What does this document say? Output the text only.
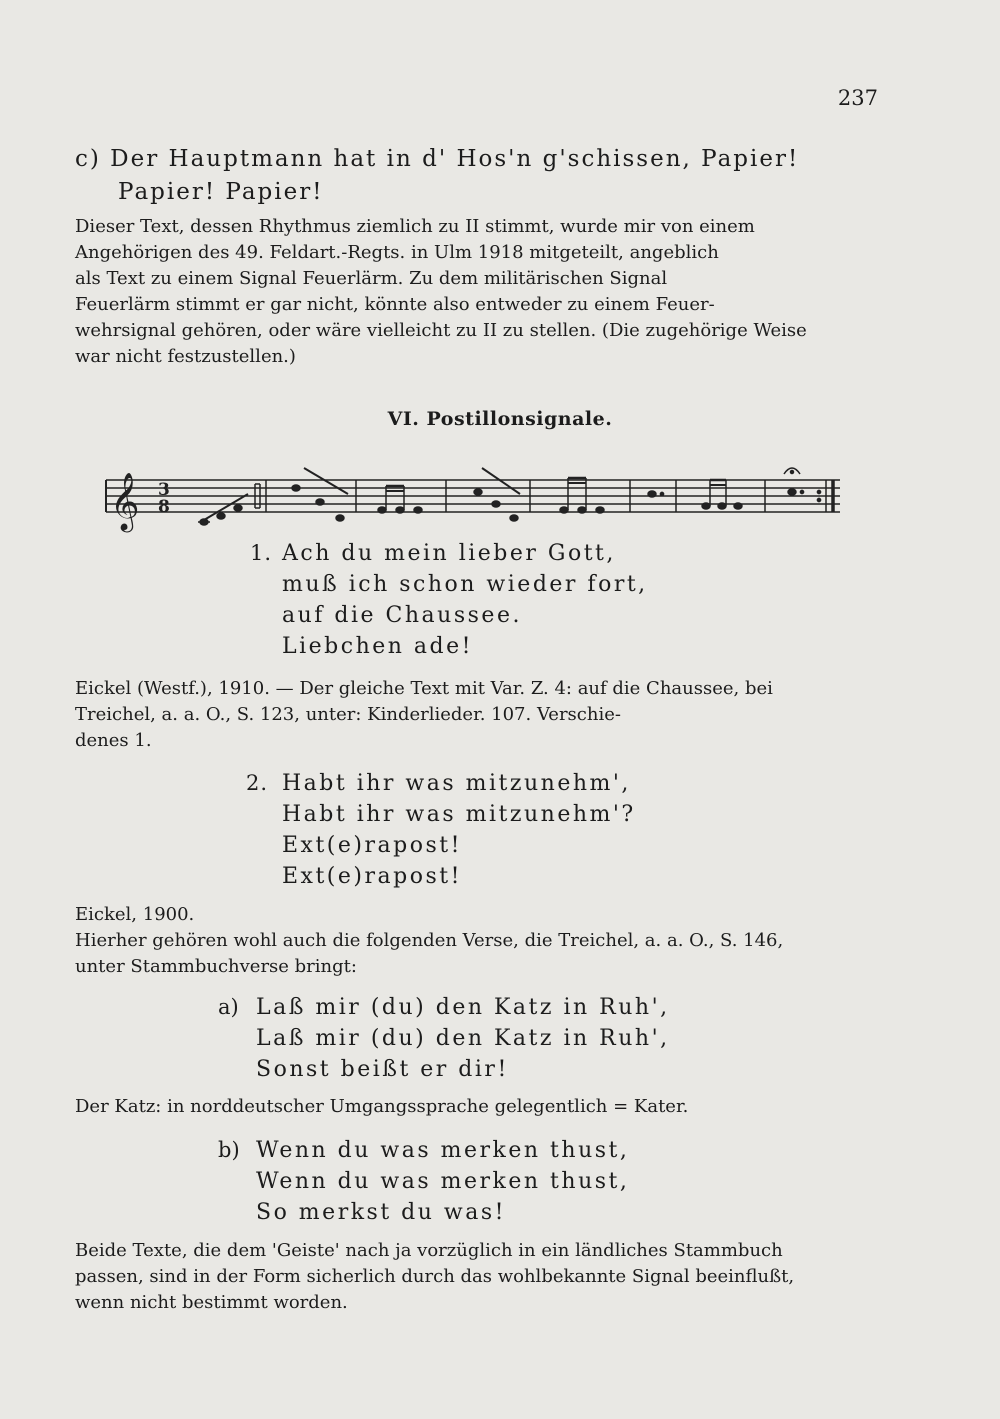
237
c) Der Hauptmann hat in d' Hos'n g'schissen, Papier!
Papier! Papier!
Dieser Text, dessen Rhythmus ziemlich zu II stimmt, wurde mir von einem
Angehörigen des 49. Feldart.-Regts. in Ulm 1918 mitgeteilt, angeblich
als Text zu einem Signal Feuerlärm. Zu dem militärischen Signal
Feuerlärm stimmt er gar nicht, könnte also entweder zu einem Feuer-
wehrsignal gehören, oder wäre vielleicht zu II zu stellen. (Die zugehörige Weise
war nicht festzustellen.)
VI. Postillonsignale.
𝄞 3
8
1. Ach du mein lieber Gott,
muß ich schon wieder fort,
auf die Chaussee.
Liebchen ade!
Eickel (Westf.), 1910. — Der gleiche Text mit Var. Z. 4: auf die Chaussee, bei
Treichel, a. a. O., S. 123, unter: Kinderlieder. 107. Verschie-
denes 1.
2. Habt ihr was mitzunehm',
Habt ihr was mitzunehm'?
Ext(e)rapost!
Ext(e)rapost!
Eickel, 1900.
Hierher gehören wohl auch die folgenden Verse, die Treichel, a. a. O., S. 146,
unter Stammbuchverse bringt:
a) Laß mir (du) den Katz in Ruh',
Laß mir (du) den Katz in Ruh',
Sonst beißt er dir!
Der Katz: in norddeutscher Umgangssprache gelegentlich = Kater.
b) Wenn du was merken thust,
Wenn du was merken thust,
So merkst du was!
Beide Texte, die dem 'Geiste' nach ja vorzüglich in ein ländliches Stammbuch
passen, sind in der Form sicherlich durch das wohlbekannte Signal beeinflußt,
wenn nicht bestimmt worden.
